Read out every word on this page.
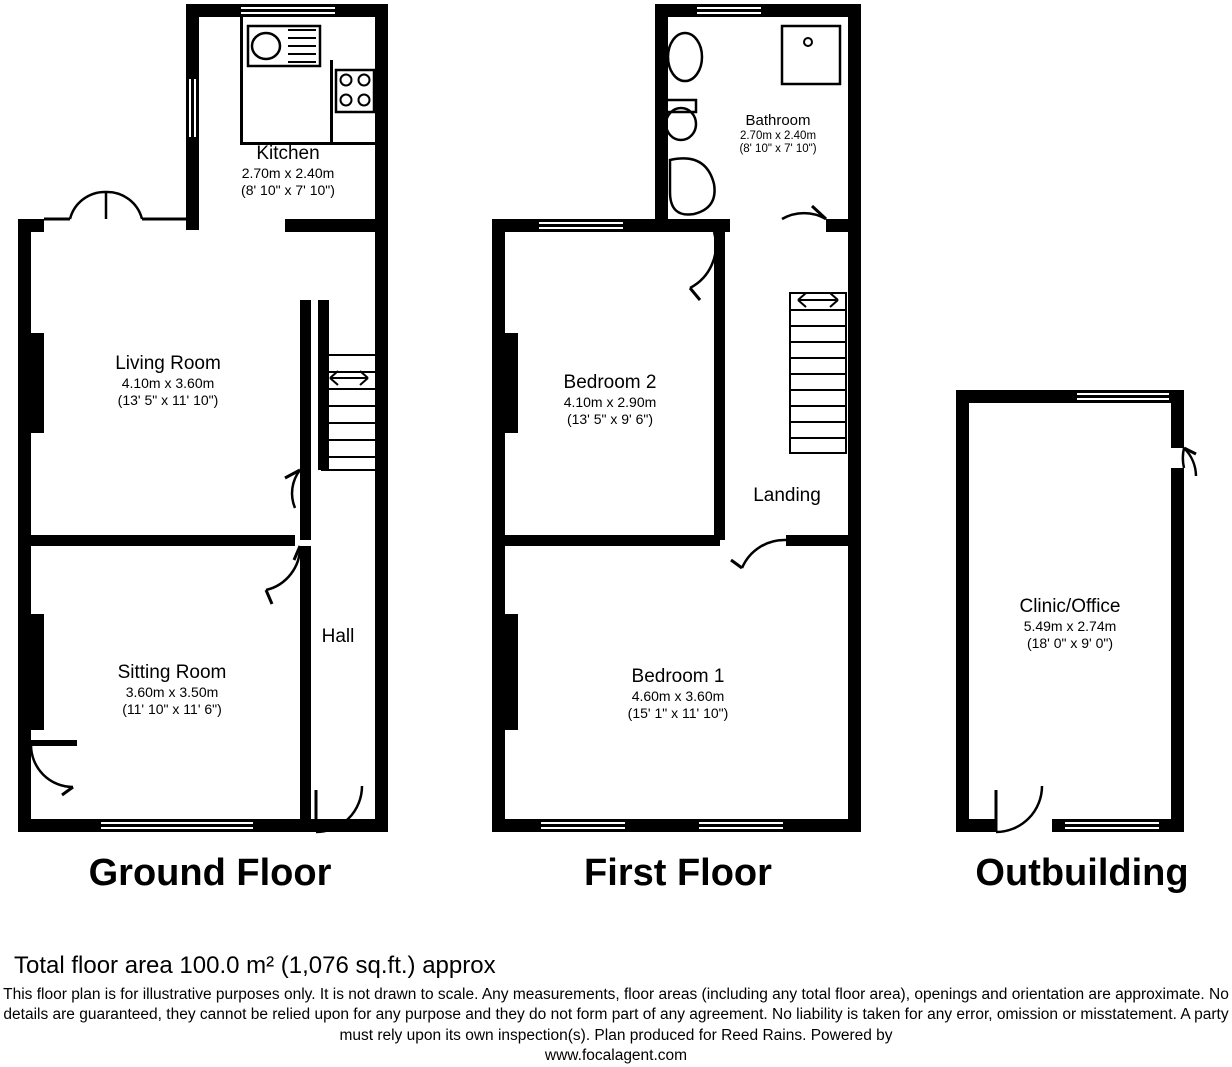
Kitchen
2.70m x 2.40m
(8' 10" x 7' 10")
Living Room
4.10m x 3.60m
(13' 5" x 11' 10")
Sitting Room
3.60m x 3.50m
(11' 10" x 11' 6")
Hall
Ground Floor
Bathroom
2.70m x 2.40m
(8' 10" x 7' 10")
Bedroom 2
4.10m x 2.90m
(13' 5" x 9' 6")
Landing
Bedroom 1
4.60m x 3.60m
(15' 1" x 11' 10")
First Floor
Clinic/Office
5.49m x 2.74m
(18' 0" x 9' 0")
Outbuilding
Total floor area 100.0 m² (1,076 sq.ft.) approx
This floor plan is for illustrative purposes only. It is not drawn to scale. Any measurements, floor areas (including any total floor area), openings and orientation are approximate. No details are guaranteed, they cannot be relied upon for any purpose and they do not form part of any agreement. No liability is taken for any error, omission or misstatement. A party must rely upon its own inspection(s). Plan produced for Reed Rains. Powered by
www.focalagent.com
